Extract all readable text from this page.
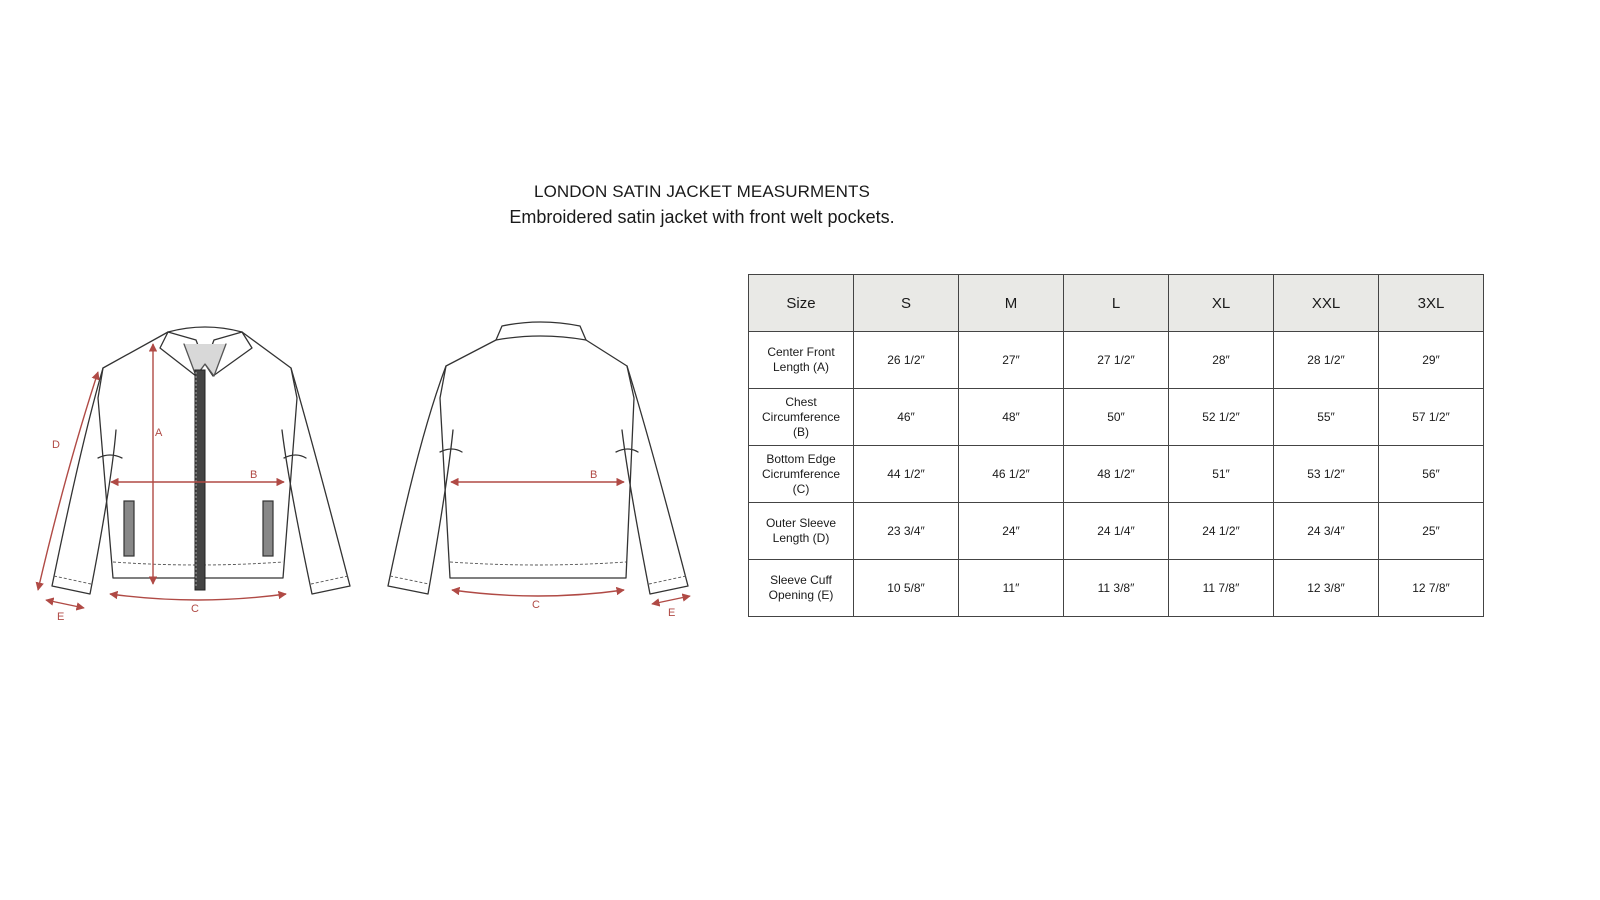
LONDON SATIN JACKET MEASURMENTS
Embroidered satin jacket with front welt pockets.
A
B
C
D
E
B
C
E
Size	S	M	L	XL	XXL	3XL
Center Front Length (A)	26 1/2″	27″	27 1/2″	28″	28 1/2″	29″
Chest Circumference (B)	46″	48″	50″	52 1/2″	55″	57 1/2″
Bottom Edge Cicrumference (C)	44 1/2″	46 1/2″	48 1/2″	51″	53 1/2″	56″
Outer Sleeve Length (D)	23 3/4″	24″	24 1/4″	24 1/2″	24 3/4″	25″
Sleeve Cuff Opening (E)	10 5/8″	11″	11 3/8″	11 7/8″	12 3/8″	12 7/8″
